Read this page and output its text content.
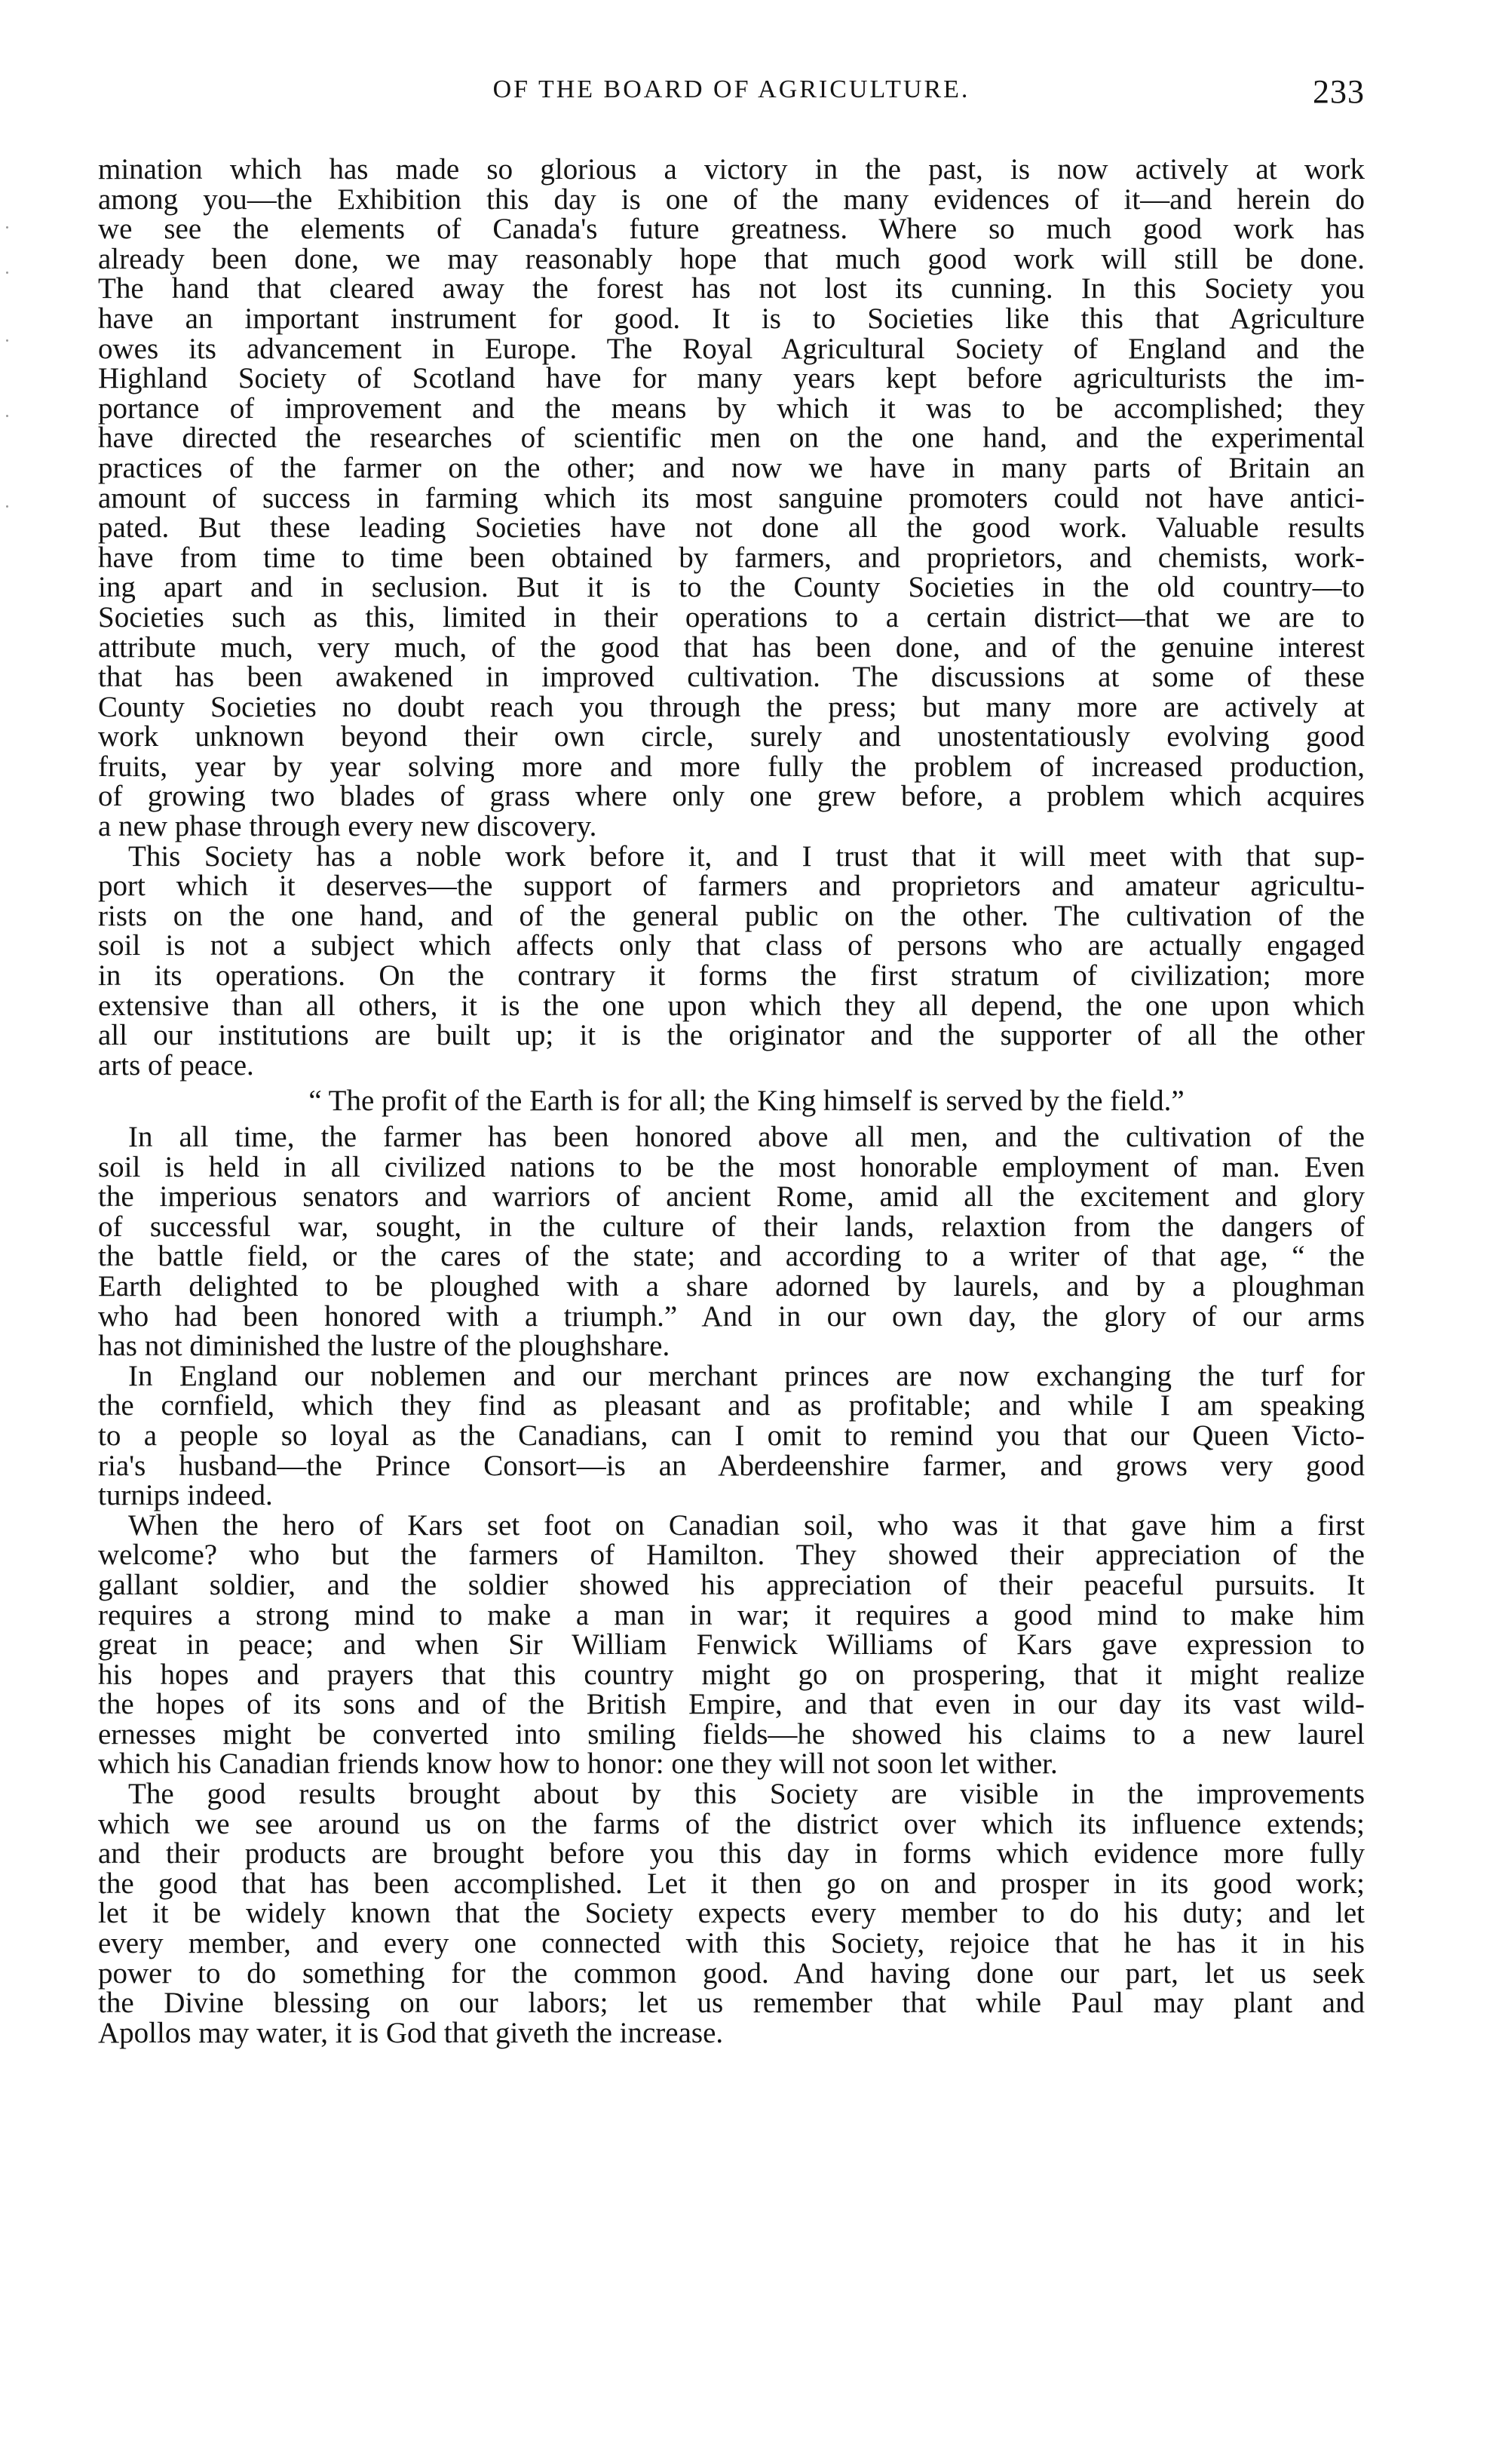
OF THE BOARD OF AGRICULTURE.	233
mination which has made so glorious a victory in the past, is now actively at work
among you—the Exhibition this day is one of the many evidences of it—and herein do
we see the elements of Canada's future greatness. Where so much good work has
already been done, we may reasonably hope that much good work will still be done.
The hand that cleared away the forest has not lost its cunning. In this Society you
have an important instrument for good. It is to Societies like this that Agriculture
owes its advancement in Europe. The Royal Agricultural Society of England and the
Highland Society of Scotland have for many years kept before agriculturists the im-
portance of improvement and the means by which it was to be accomplished; they
have directed the researches of scientific men on the one hand, and the experimental
practices of the farmer on the other; and now we have in many parts of Britain an
amount of success in farming which its most sanguine promoters could not have antici-
pated. But these leading Societies have not done all the good work. Valuable results
have from time to time been obtained by farmers, and proprietors, and chemists, work-
ing apart and in seclusion. But it is to the County Societies in the old country—to
Societies such as this, limited in their operations to a certain district—that we are to
attribute much, very much, of the good that has been done, and of the genuine interest
that has been awakened in improved cultivation. The discussions at some of these
County Societies no doubt reach you through the press; but many more are actively at
work unknown beyond their own circle, surely and unostentatiously evolving good
fruits, year by year solving more and more fully the problem of increased production,
of growing two blades of grass where only one grew before, a problem which acquires
a new phase through every new discovery.
This Society has a noble work before it, and I trust that it will meet with that sup-
port which it deserves—the support of farmers and proprietors and amateur agricultu-
rists on the one hand, and of the general public on the other. The cultivation of the
soil is not a subject which affects only that class of persons who are actually engaged
in its operations. On the contrary it forms the first stratum of civilization; more
extensive than all others, it is the one upon which they all depend, the one upon which
all our institutions are built up; it is the originator and the supporter of all the other
arts of peace.
“ The profit of the Earth is for all; the King himself is served by the field.”
In all time, the farmer has been honored above all men, and the cultivation of the
soil is held in all civilized nations to be the most honorable employment of man. Even
the imperious senators and warriors of ancient Rome, amid all the excitement and glory
of successful war, sought, in the culture of their lands, relaxtion from the dangers of
the battle field, or the cares of the state; and according to a writer of that age, “ the
Earth delighted to be ploughed with a share adorned by laurels, and by a ploughman
who had been honored with a triumph.” And in our own day, the glory of our arms
has not diminished the lustre of the ploughshare.
In England our noblemen and our merchant princes are now exchanging the turf for
the cornfield, which they find as pleasant and as profitable; and while I am speaking
to a people so loyal as the Canadians, can I omit to remind you that our Queen Victo-
ria's husband—the Prince Consort—is an Aberdeenshire farmer, and grows very good
turnips indeed.
When the hero of Kars set foot on Canadian soil, who was it that gave him a first
welcome? who but the farmers of Hamilton. They showed their appreciation of the
gallant soldier, and the soldier showed his appreciation of their peaceful pursuits. It
requires a strong mind to make a man in war; it requires a good mind to make him
great in peace; and when Sir William Fenwick Williams of Kars gave expression to
his hopes and prayers that this country might go on prospering, that it might realize
the hopes of its sons and of the British Empire, and that even in our day its vast wild-
ernesses might be converted into smiling fields—he showed his claims to a new laurel
which his Canadian friends know how to honor: one they will not soon let wither.
The good results brought about by this Society are visible in the improvements
which we see around us on the farms of the district over which its influence extends;
and their products are brought before you this day in forms which evidence more fully
the good that has been accomplished. Let it then go on and prosper in its good work;
let it be widely known that the Society expects every member to do his duty; and let
every member, and every one connected with this Society, rejoice that he has it in his
power to do something for the common good. And having done our part, let us seek
the Divine blessing on our labors; let us remember that while Paul may plant and
Apollos may water, it is God that giveth the increase.
